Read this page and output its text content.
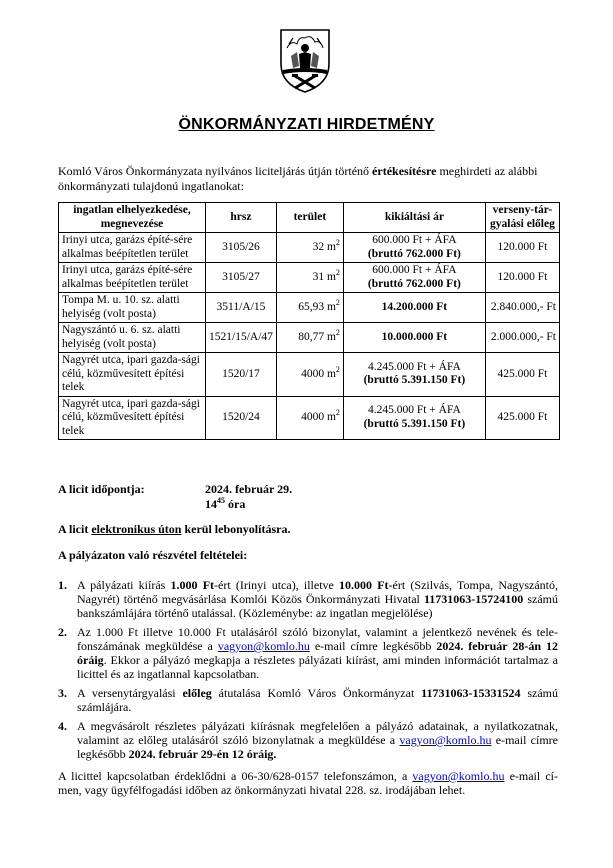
ÖNKORMÁNYZATI HIRDETMÉNY
Komló Város Önkormányzata nyilvános liciteljárás útján történő értékesítésre meghirdeti az alábbi önkormányzati tulajdonú ingatlanokat:
ingatlan elhelyezkedése, megnevezése	hrsz	terület	kikiáltási ár	verseny-tár-gyalási előleg
Irinyi utca, garázs építé-sére alkalmas beépítetlen terület	3105/26	32 $m^2$	600.000 Ft + ÁFA
(bruttó 762.000 Ft)	120.000 Ft
Irinyi utca, garázs építé-sére alkalmas beépítetlen terület	3105/27	31 $m^2$	600.000 Ft + ÁFA
(bruttó 762.000 Ft)	120.000 Ft
Tompa M. u. 10. sz. alatti helyiség (volt posta)	3511/A/15	65,93 $m^2$	14.200.000 Ft	2.840.000,- Ft
Nagyszántó u. 6. sz. alatti helyiség (volt posta)	1521/15/A/47	80,77 $m^2$	10.000.000 Ft	2.000.000,- Ft
Nagyrét utca, ipari gazda-sági célú, közművesített építési telek	1520/17	4000 $m^2$	4.245.000 Ft + ÁFA
(bruttó 5.391.150 Ft)	425.000 Ft
Nagyrét utca, ipari gazda-sági célú, közművesített építési telek	1520/24	4000 $m^2$	4.245.000 Ft + ÁFA
(bruttó 5.391.150 Ft)	425.000 Ft
A licit időpontja:	2024. február 29.
$14^{45}$ óra
A licit elektronikus úton kerül lebonyolításra.
A pályázaton való részvétel feltételei:
1. A pályázati kiírás 1.000 Ft-ért (Irinyi utca), illetve 10.000 Ft-ért (Szilvás, Tompa, Nagyszántó, Nagyrét) történő megvásárlása Komlói Közös Önkormányzati Hivatal 11731063-15724100 számú bankszámlájára történő utalással. (Közleménybe: az ingatlan megjelölése)
2. Az 1.000 Ft illetve 10.000 Ft utalásáról szóló bizonylat, valamint a jelentkező nevének és tele-fonszámának megküldése a vagyon@komlo.hu e-mail címre legkésőbb 2024. február 28-án 12 óráig. Ekkor a pályázó megkapja a részletes pályázati kiírást, ami minden információt tartalmaz a licittel és az ingatlannal kapcsolatban.
3. A versenytárgyalási előleg átutalása Komló Város Önkormányzat 11731063-15331524 számú számlájára.
4. A megvásárolt részletes pályázati kiírásnak megfelelően a pályázó adatainak, a nyilatkozatnak, valamint az előleg utalásáról szóló bizonylatnak a megküldése a vagyon@komlo.hu e-mail címre legkésőbb 2024. február 29-én 12 óráig.
A licittel kapcsolatban érdeklődni a 06-30/628-0157 telefonszámon, a vagyon@komlo.hu e-mail cí-men, vagy ügyfélfogadási időben az önkormányzati hivatal 228. sz. irodájában lehet.
